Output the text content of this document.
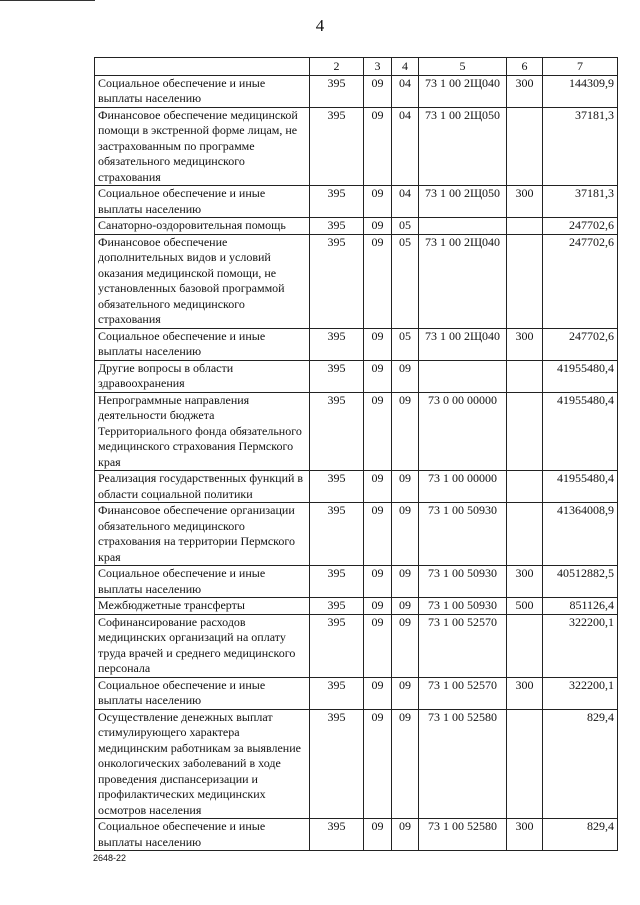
4
	2	3	4	5	6	7
Социальное обеспечение и иные выплаты населению	395	09	04	73 1 00 2Щ040	300	144309,9
Финансовое обеспечение медицинской помощи в экстренной форме лицам, не застрахованным по программе обязательного медицинского страхования	395	09	04	73 1 00 2Щ050		37181,3
Социальное обеспечение и иные выплаты населению	395	09	04	73 1 00 2Щ050	300	37181,3
Санаторно-оздоровительная помощь	395	09	05			247702,6
Финансовое обеспечение дополнительных видов и условий оказания медицинской помощи, не установленных базовой программой обязательного медицинского страхования	395	09	05	73 1 00 2Щ040		247702,6
Социальное обеспечение и иные выплаты населению	395	09	05	73 1 00 2Щ040	300	247702,6
Другие вопросы в области здравоохранения	395	09	09			41955480,4
Непрограммные направления деятельности бюджета Территориального фонда обязательного медицинского страхования Пермского края	395	09	09	73 0 00 00000		41955480,4
Реализация государственных функций в области социальной политики	395	09	09	73 1 00 00000		41955480,4
Финансовое обеспечение организации обязательного медицинского страхования на территории Пермского края	395	09	09	73 1 00 50930		41364008,9
Социальное обеспечение и иные выплаты населению	395	09	09	73 1 00 50930	300	40512882,5
Межбюджетные трансферты	395	09	09	73 1 00 50930	500	851126,4
Софинансирование расходов медицинских организаций на оплату труда врачей и среднего медицинского персонала	395	09	09	73 1 00 52570		322200,1
Социальное обеспечение и иные выплаты населению	395	09	09	73 1 00 52570	300	322200,1
Осуществление денежных выплат стимулирующего характера медицинским работникам за выявление онкологических заболеваний в ходе проведения диспансеризации и профилактических медицинских осмотров населения	395	09	09	73 1 00 52580		829,4
Социальное обеспечение и иные выплаты населению	395	09	09	73 1 00 52580	300	829,4
2648-22
